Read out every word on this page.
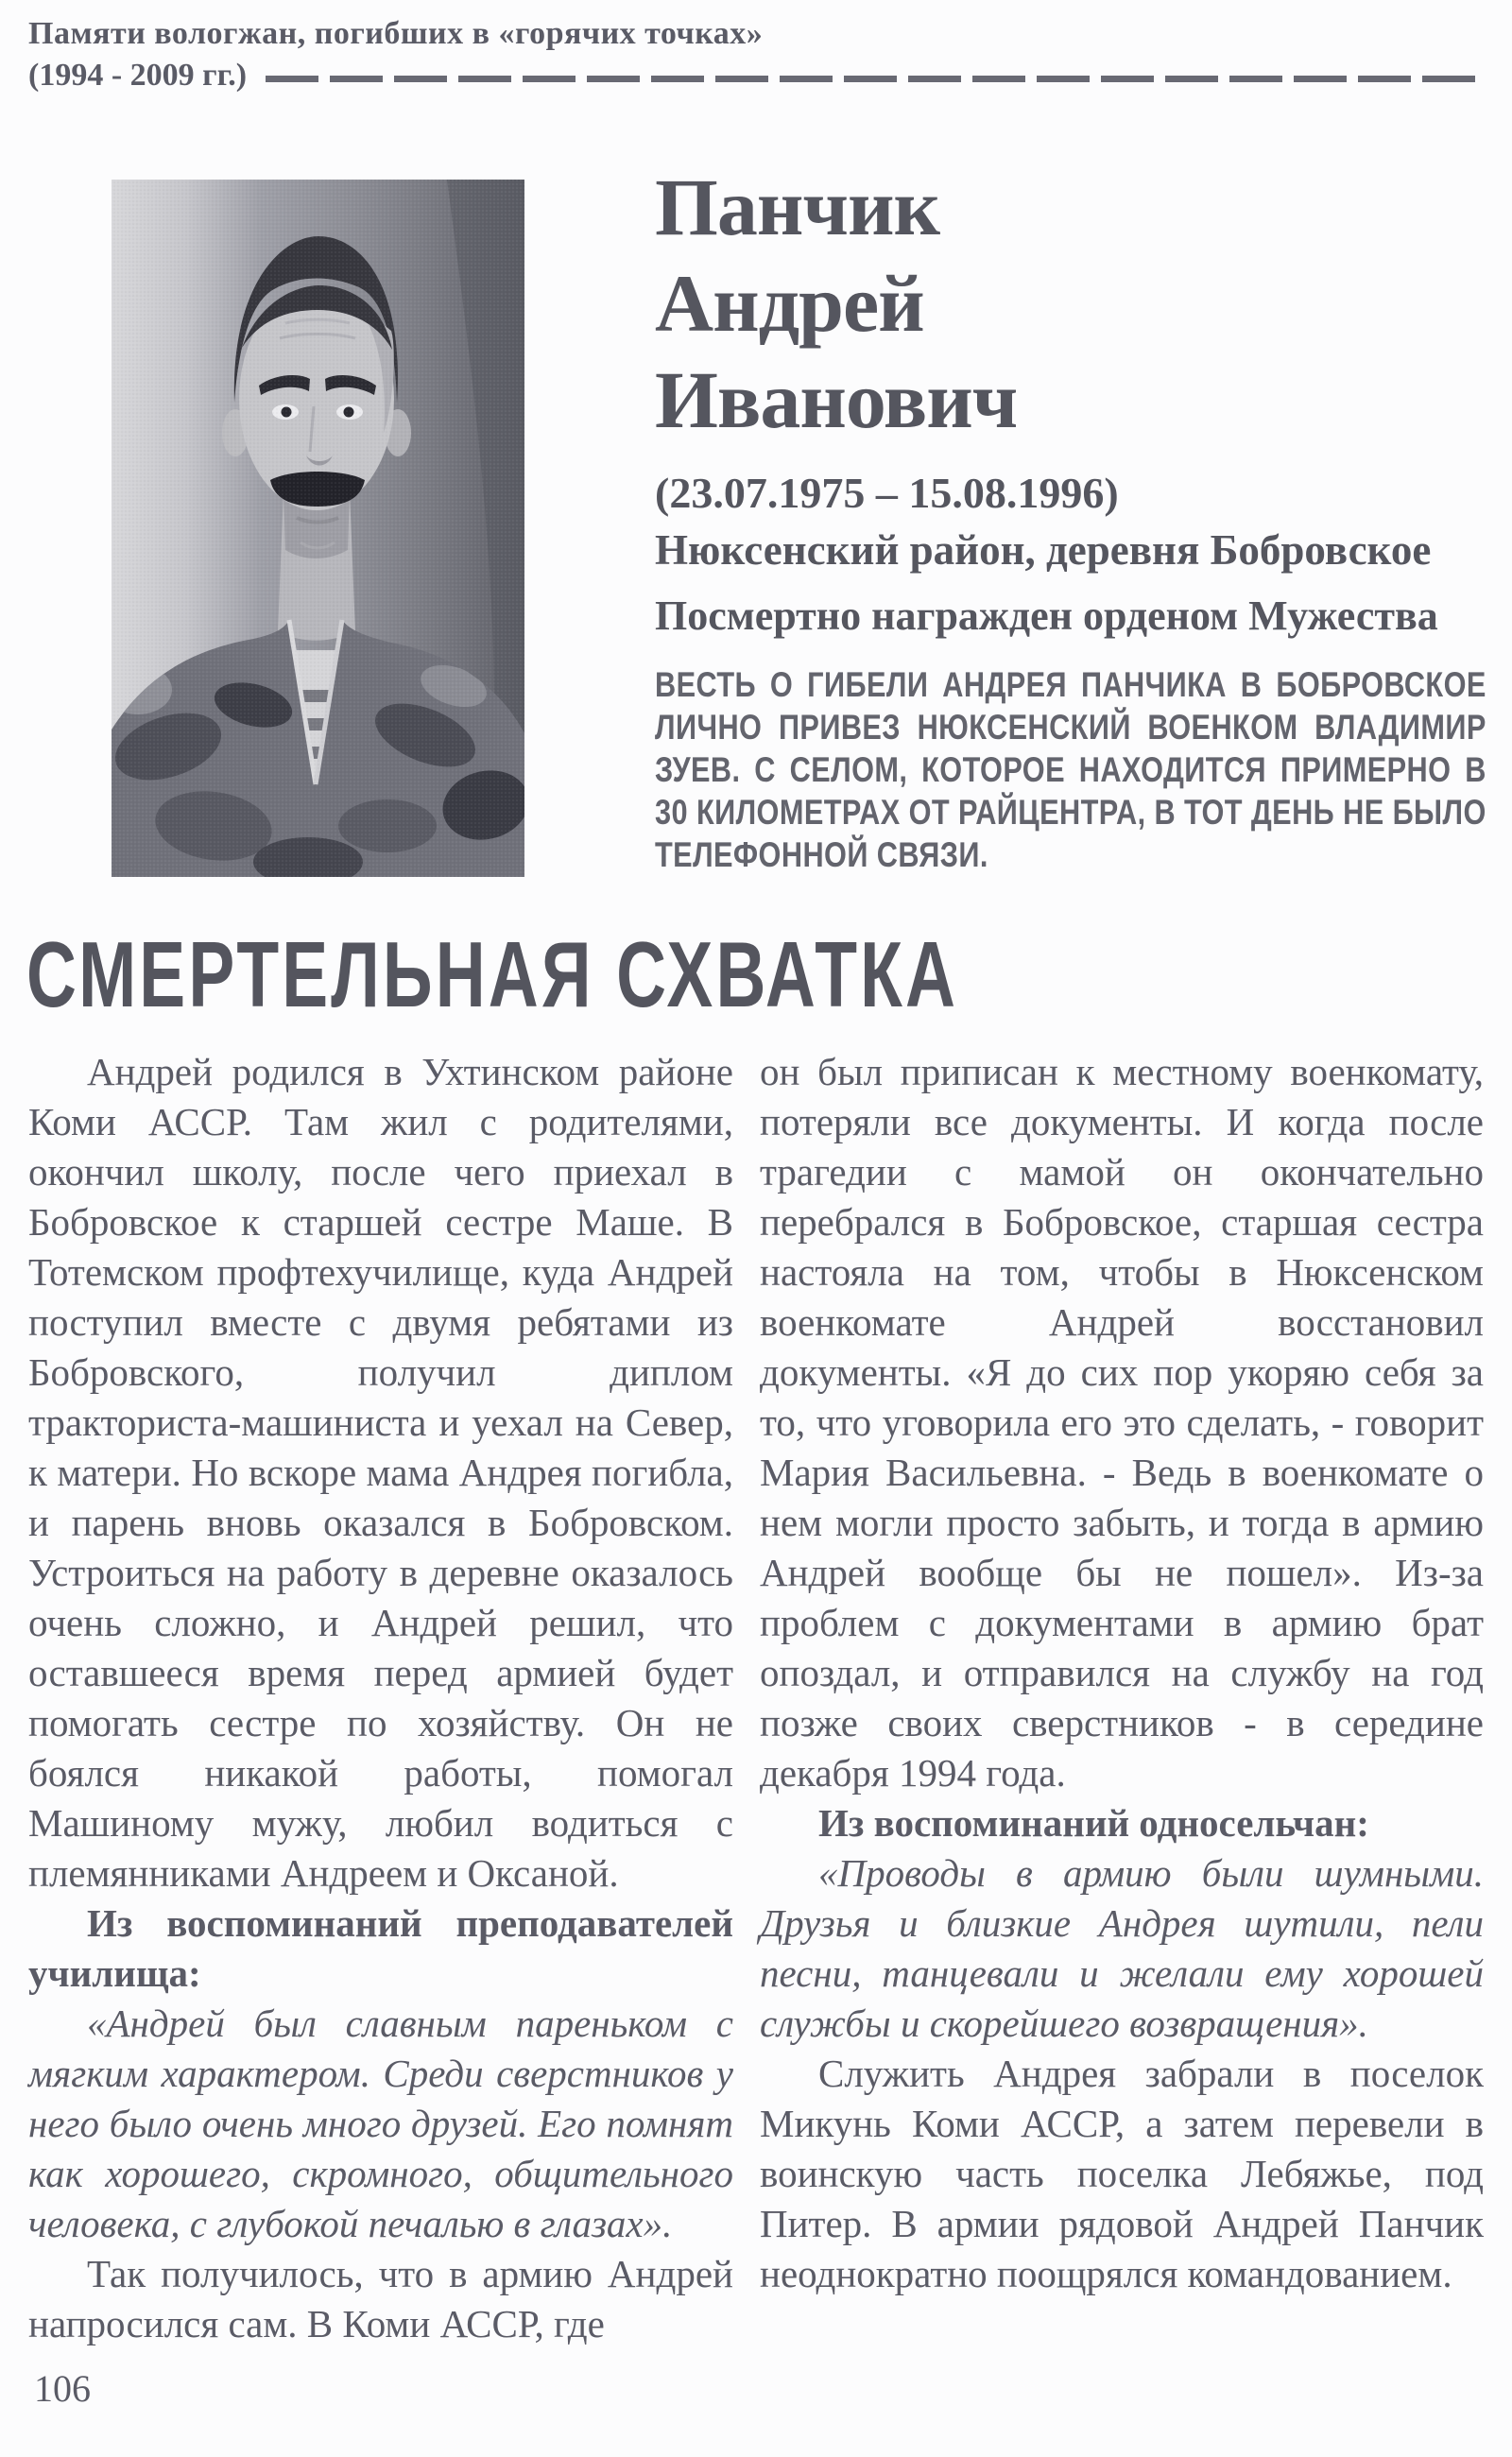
Памяти вологжан, погибших в «горячих точках»
(1994 - 2009 гг.)
Панчик
Андрей
Иванович
(23.07.1975 – 15.08.1996)
Нюксенский район, деревня Бобровское
Посмертно награжден орденом Мужества
ВЕСТЬ О ГИБЕЛИ АНДРЕЯ ПАНЧИКА В БОБРОВСКОЕ ЛИЧНО ПРИВЕЗ НЮКСЕНСКИЙ ВОЕНКОМ ВЛАДИМИР ЗУЕВ. С СЕЛОМ, КОТОРОЕ НАХОДИТСЯ ПРИМЕРНО В 30 КИЛОМЕТРАХ ОТ РАЙЦЕНТРА, В ТОТ ДЕНЬ НЕ БЫЛО ТЕЛЕФОННОЙ СВЯЗИ.
СМЕРТЕЛЬНАЯ СХВАТКА

Андрей родился в Ухтинском районе Коми АССР. Там жил с родителями, окончил школу, после чего приехал в Бобровское к старшей сестре Маше. В Тотемском профтехучилище, куда Андрей поступил вместе с двумя ребятами из Бобровского, получил диплом тракториста-машиниста и уехал на Север, к матери. Но вскоре мама Андрея погибла, и парень вновь оказался в Бобровском. Устроиться на работу в деревне оказалось очень сложно, и Андрей решил, что оставшееся время перед армией будет помогать сестре по хозяйству. Он не боялся никакой работы, помогал Машиному мужу, любил водиться с племянниками Андреем и Оксаной.

Из воспоминаний преподавателей училища:

«Андрей был славным пареньком с мягким характером. Среди сверстников у него было очень много друзей. Его помнят как хорошего, скромного, общительного человека, с глубокой печалью в глазах».

Так получилось, что в армию Андрей напросился сам. В Коми АССР, где

он был приписан к местному военкомату, потеряли все документы. И когда после трагедии с мамой он окончательно перебрался в Бобровское, старшая сестра настояла на том, чтобы в Нюксенском военкомате Андрей восстановил документы. «Я до сих пор укоряю себя за то, что уговорила его это сделать, - говорит Мария Васильевна. - Ведь в военкомате о нем могли просто забыть, и тогда в армию Андрей вообще бы не пошел». Из-за проблем с документами в армию брат опоздал, и отправился на службу на год позже своих сверстников - в середине декабря 1994 года.

Из воспоминаний односельчан:

«Проводы в армию были шумными. Друзья и близкие Андрея шутили, пели песни, танцевали и желали ему хорошей службы и скорейшего возвращения».

Служить Андрея забрали в поселок Микунь Коми АССР, а затем перевели в воинскую часть поселка Лебяжье, под Питер. В армии рядовой Андрей Панчик неоднократно поощрялся командованием.

106
